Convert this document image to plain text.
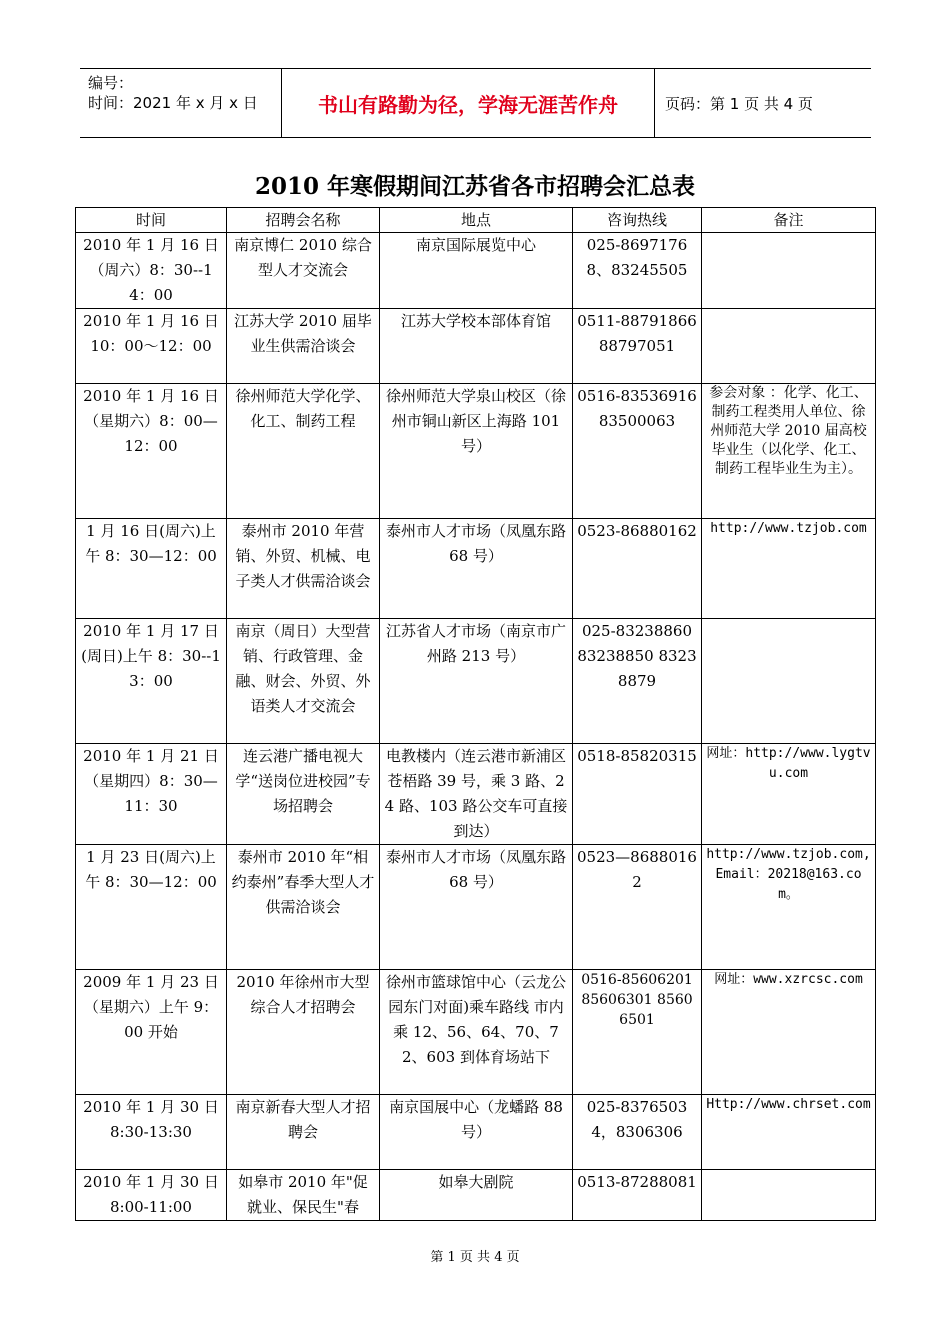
编号：
时间：2021 年 x 月 x 日	书山有路勤为径，学海无涯苦作舟	页码：第 1 页 共 4 页
2010 年寒假期间江苏省各市招聘会汇总表
时间	招聘会名称	地点	咨询热线	备注
2010 年 1 月 16 日（周六）8：30--14：00	南京博仁 2010 综合型人才交流会	南京国际展览中心	025-86971768、83245505	
2010 年 1 月 16 日 10：00～12：00	江苏大学 2010 届毕业生供需洽谈会	江苏大学校本部体育馆	0511-8879186688797051	
2010 年 1 月 16 日（星期六）8：00—12：00	徐州师范大学化学、化工、制药工程	徐州师范大学泉山校区（徐州市铜山新区上海路 101 号）	0516-83536916 83500063	参会对象 ：化学、化工、制药工程类用人单位、徐州师范大学 2010 届高校毕业生（以化学、化工、制药工程毕业生为主）。
1 月 16 日(周六)上午 8：30—12：00	泰州市 2010 年营销、外贸、机械、电子类人才供需洽谈会	泰州市人才市场（凤凰东路 68 号）	0523-86880162	http://www.tzjob.com
2010 年 1 月 17 日(周日)上午 8：30--13：00	南京（周日）大型营销、行政管理、金融、财会、外贸、外语类人才交流会	江苏省人才市场（南京市广州路 213 号）	025-83238860 83238850 83238879	
2010 年 1 月 21 日（星期四）8：30—11：30	连云港广播电视大学“送岗位进校园”专场招聘会	电教楼内（连云港市新浦区苍梧路 39 号，乘 3 路、24 路、103 路公交车可直接到达）	0518-85820315	网址：http://www.lygtvu.com
1 月 23 日(周六)上午 8：30—12：00	泰州市 2010 年“相约泰州”春季大型人才供需洽谈会	泰州市人才市场（凤凰东路 68 号）	0523—86880162	http://www.tzjob.com,Email：20218@163.com。
2009 年 1 月 23 日（星期六）上午 9：00 开始	2010 年徐州市大型综合人才招聘会	徐州市篮球馆中心（云龙公园东门对面)乘车路线 市内乘 12、56、64、70、72、603 到体育场站下	0516-85606201 85606301 85606501	网址：www.xzrcsc.com
2010 年 1 月 30 日 8:30-13:30	南京新春大型人才招聘会	南京国展中心（龙蟠路 88 号）	025-83765034，8306306	Http://www.chrset.com
2010 年 1 月 30 日 8:00-11:00	如皋市 2010 年"促就业、保民生"春	如皋大剧院	0513-87288081	
第 1 页 共 4 页
